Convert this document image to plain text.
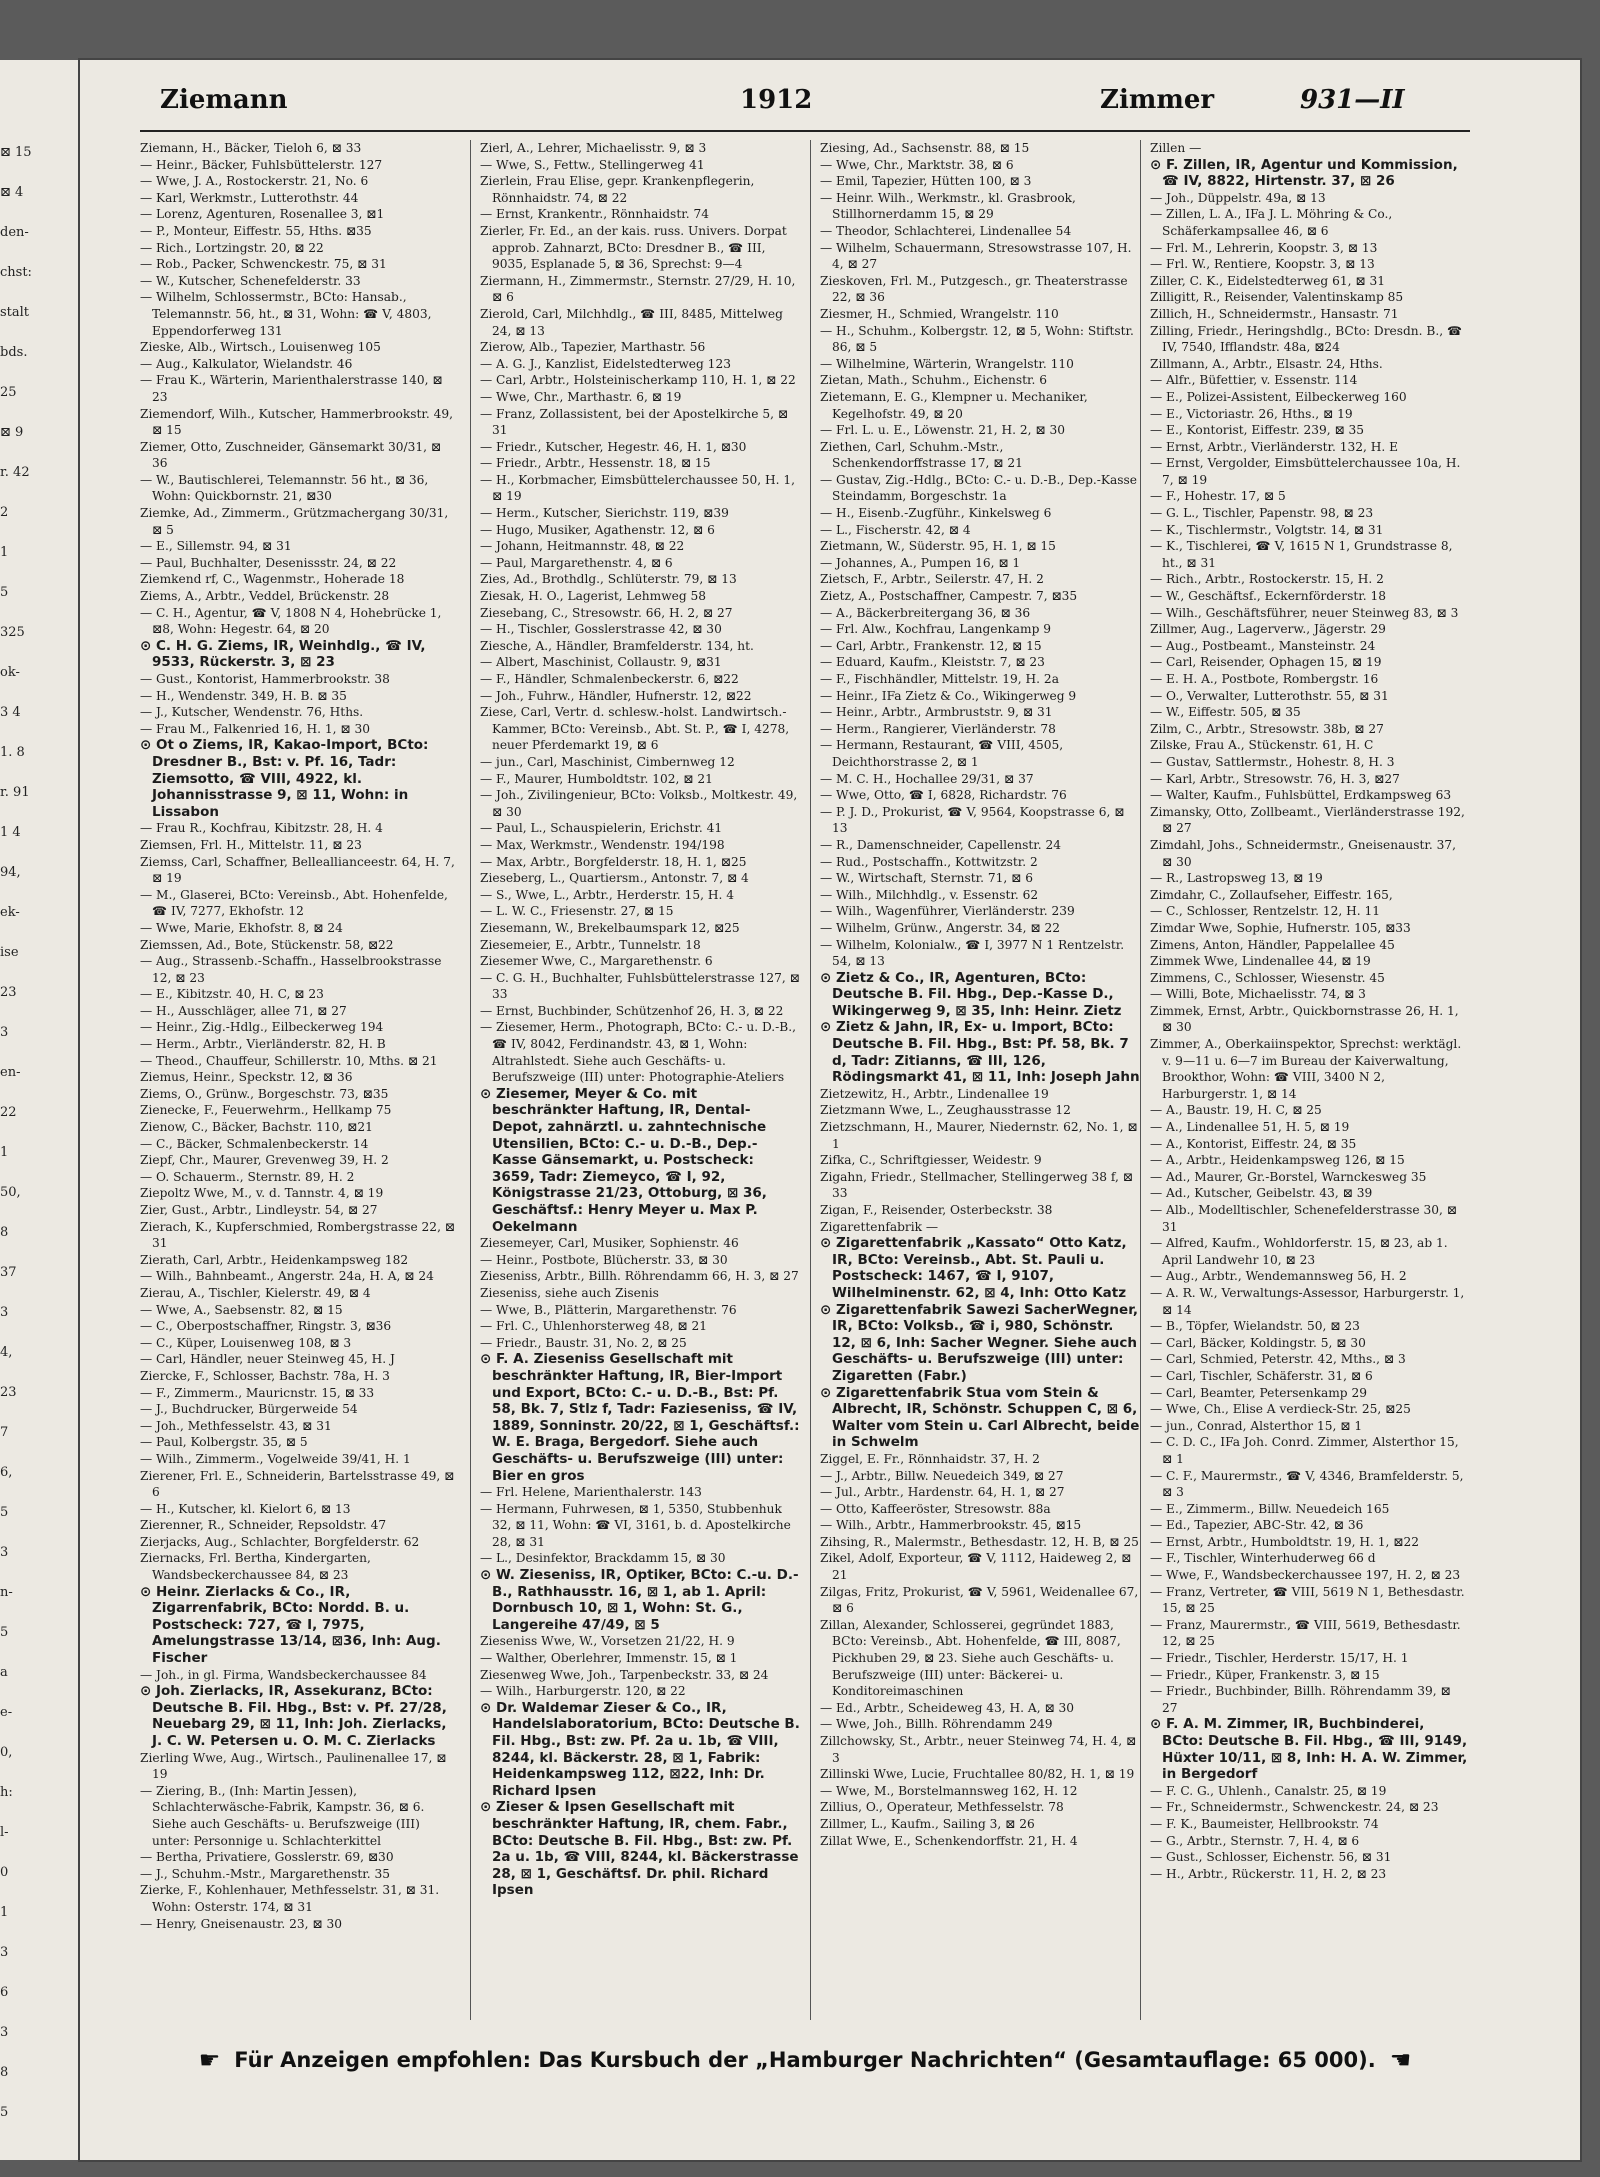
⊠ 15
⊠ 4
den-
chst:
stalt
bds.
25
⊠ 9
r. 42
2
1
5
325
ok-
3 4
1. 8
r. 91
1 4
94,
ek-
ise
23
3
en-
22
1
50,
8
37
3
4,
23
7
6,
5
3
n-
5
a
e-
0,
h:
l-
0
1
3
6
3
8
5
Ziemann	1912	Zimmer	931—II

Ziemann, H., Bäcker, Tieloh 6, ⊠ 33

— Heinr., Bäcker, Fuhlsbüttelerstr. 127

— Wwe, J. A., Rostockerstr. 21, No. 6

— Karl, Werkmstr., Lutterothstr. 44

— Lorenz, Agenturen, Rosenallee 3, ⊠1

— P., Monteur, Eiffestr. 55, Hths. ⊠35

— Rich., Lortzingstr. 20, ⊠ 22

— Rob., Packer, Schwenckestr. 75, ⊠ 31

— W., Kutscher, Schenefelderstr. 33

— Wilhelm, Schlossermstr., BCto: Hansab., Telemannstr. 56, ht., ⊠ 31, Wohn: ☎ V, 4803, Eppendorferweg 131

Zieske, Alb., Wirtsch., Louisenweg 105

— Aug., Kalkulator, Wielandstr. 46

— Frau K., Wärterin, Marienthalerstrasse 140, ⊠ 23

Ziemendorf, Wilh., Kutscher, Hammerbrookstr. 49, ⊠ 15

Ziemer, Otto, Zuschneider, Gänsemarkt 30/31, ⊠ 36

— W., Bautischlerei, Telemannstr. 56 ht., ⊠ 36, Wohn: Quickbornstr. 21, ⊠30

Ziemke, Ad., Zimmerm., Grützmachergang 30/31, ⊠ 5

— E., Sillemstr. 94, ⊠ 31

— Paul, Buchhalter, Desenissstr. 24, ⊠ 22

Ziemkend rf, C., Wagenmstr., Hoherade 18

Ziems, A., Arbtr., Veddel, Brückenstr. 28

— C. H., Agentur, ☎ V, 1808 N 4, Hohebrücke 1, ⊠8, Wohn: Hegestr. 64, ⊠ 20

⊙ C. H. G. Ziems, IR, Weinhdlg., ☎ IV, 9533, Rückerstr. 3, ⊠ 23

— Gust., Kontorist, Hammerbrookstr. 38

— H., Wendenstr. 349, H. B. ⊠ 35

— J., Kutscher, Wendenstr. 76, Hths.

— Frau M., Falkenried 16, H. 1, ⊠ 30

⊙ Ot o Ziems, IR, Kakao-Import, BCto: Dresdner B., Bst: v. Pf. 16, Tadr: Ziemsotto, ☎ VIII, 4922, kl. Johannisstrasse 9, ⊠ 11, Wohn: in Lissabon

— Frau R., Kochfrau, Kibitzstr. 28, H. 4

Ziemsen, Frl. H., Mittelstr. 11, ⊠ 23

Ziemss, Carl, Schaffner, Belleallianceestr. 64, H. 7, ⊠ 19

— M., Glaserei, BCto: Vereinsb., Abt. Hohenfelde, ☎ IV, 7277, Ekhofstr. 12

— Wwe, Marie, Ekhofstr. 8, ⊠ 24

Ziemssen, Ad., Bote, Stückenstr. 58, ⊠22

— Aug., Strassenb.-Schaffn., Hasselbrookstrasse 12, ⊠ 23

— E., Kibitzstr. 40, H. C, ⊠ 23

— H., Ausschläger, allee 71, ⊠ 27

— Heinr., Zig.-Hdlg., Eilbeckerweg 194

— Herm., Arbtr., Vierländerstr. 82, H. B

— Theod., Chauffeur, Schillerstr. 10, Mths. ⊠ 21

Ziemus, Heinr., Speckstr. 12, ⊠ 36

Ziems, O., Grünw., Borgeschstr. 73, ⊠35

Zienecke, F., Feuerwehrm., Hellkamp 75

Zienow, C., Bäcker, Bachstr. 110, ⊠21

— C., Bäcker, Schmalenbeckerstr. 14

Ziepf, Chr., Maurer, Grevenweg 39, H. 2

— O. Schauerm., Sternstr. 89, H. 2

Ziepoltz Wwe, M., v. d. Tannstr. 4, ⊠ 19

Zier, Gust., Arbtr., Lindleystr. 54, ⊠ 27

Zierach, K., Kupferschmied, Rombergstrasse 22, ⊠ 31

Zierath, Carl, Arbtr., Heidenkampsweg 182

— Wilh., Bahnbeamt., Angerstr. 24a, H. A, ⊠ 24

Zierau, A., Tischler, Kielerstr. 49, ⊠ 4

— Wwe, A., Saebsenstr. 82, ⊠ 15

— C., Oberpostschaffner, Ringstr. 3, ⊠36

— C., Küper, Louisenweg 108, ⊠ 3

— Carl, Händler, neuer Steinweg 45, H. J

Ziercke, F., Schlosser, Bachstr. 78a, H. 3

— F., Zimmerm., Mauricnstr. 15, ⊠ 33

— J., Buchdrucker, Bürgerweide 54

— Joh., Methfesselstr. 43, ⊠ 31

— Paul, Kolbergstr. 35, ⊠ 5

— Wilh., Zimmerm., Vogelweide 39/41, H. 1

Zierener, Frl. E., Schneiderin, Bartelsstrasse 49, ⊠ 6

— H., Kutscher, kl. Kielort 6, ⊠ 13

Zierenner, R., Schneider, Repsoldstr. 47

Zierjacks, Aug., Schlachter, Borgfelderstr. 62

Ziernacks, Frl. Bertha, Kindergarten, Wandsbeckerchaussee 84, ⊠ 23

⊙ Heinr. Zierlacks & Co., IR, Zigarrenfabrik, BCto: Nordd. B. u. Postscheck: 727, ☎ I, 7975, Amelungstrasse 13/14, ⊠36, Inh: Aug. Fischer

— Joh., in gl. Firma, Wandsbeckerchaussee 84

⊙ Joh. Zierlacks, IR, Assekuranz, BCto: Deutsche B. Fil. Hbg., Bst: v. Pf. 27/28, Neuebarg 29, ⊠ 11, Inh: Joh. Zierlacks, J. C. W. Petersen u. O. M. C. Zierlacks

Zierling Wwe, Aug., Wirtsch., Paulinenallee 17, ⊠ 19

— Ziering, B., (Inh: Martin Jessen), Schlachterwäsche-Fabrik, Kampstr. 36, ⊠ 6. Siehe auch Geschäfts- u. Berufszweige (III) unter: Personnige u. Schlachterkittel

— Bertha, Privatiere, Gosslerstr. 69, ⊠30

— J., Schuhm.-Mstr., Margarethenstr. 35

Zierke, F., Kohlenhauer, Methfesselstr. 31, ⊠ 31. Wohn: Osterstr. 174, ⊠ 31

— Henry, Gneisenaustr. 23, ⊠ 30

Zierl, A., Lehrer, Michaelisstr. 9, ⊠ 3

— Wwe, S., Fettw., Stellingerweg 41

Zierlein, Frau Elise, gepr. Krankenpflegerin, Rönnhaidstr. 74, ⊠ 22

— Ernst, Krankentr., Rönnhaidstr. 74

Zierler, Fr. Ed., an der kais. russ. Univers. Dorpat approb. Zahnarzt, BCto: Dresdner B., ☎ III, 9035, Esplanade 5, ⊠ 36, Sprechst: 9—4

Ziermann, H., Zimmermstr., Sternstr. 27/29, H. 10, ⊠ 6

Zierold, Carl, Milchhdlg., ☎ III, 8485, Mittelweg 24, ⊠ 13

Zierow, Alb., Tapezier, Marthastr. 56

— A. G. J., Kanzlist, Eidelstedterweg 123

— Carl, Arbtr., Holsteinischerkamp 110, H. 1, ⊠ 22

— Wwe, Chr., Marthastr. 6, ⊠ 19

— Franz, Zollassistent, bei der Apostelkirche 5, ⊠ 31

— Friedr., Kutscher, Hegestr. 46, H. 1, ⊠30

— Friedr., Arbtr., Hessenstr. 18, ⊠ 15

— H., Korbmacher, Eimsbüttelerchaussee 50, H. 1, ⊠ 19

— Herm., Kutscher, Sierichstr. 119, ⊠39

— Hugo, Musiker, Agathenstr. 12, ⊠ 6

— Johann, Heitmannstr. 48, ⊠ 22

— Paul, Margarethenstr. 4, ⊠ 6

Zies, Ad., Brothdlg., Schlüterstr. 79, ⊠ 13

Ziesak, H. O., Lagerist, Lehmweg 58

Ziesebang, C., Stresowstr. 66, H. 2, ⊠ 27

— H., Tischler, Gosslerstrasse 42, ⊠ 30

Ziesche, A., Händler, Bramfelderstr. 134, ht.

— Albert, Maschinist, Collaustr. 9, ⊠31

— F., Händler, Schmalenbeckerstr. 6, ⊠22

— Joh., Fuhrw., Händler, Hufnerstr. 12, ⊠22

Ziese, Carl, Vertr. d. schlesw.-holst. Landwirtsch.-Kammer, BCto: Vereinsb., Abt. St. P., ☎ I, 4278, neuer Pferdemarkt 19, ⊠ 6

— jun., Carl, Maschinist, Cimbernweg 12

— F., Maurer, Humboldtstr. 102, ⊠ 21

— Joh., Zivilingenieur, BCto: Volksb., Moltkestr. 49, ⊠ 30

— Paul, L., Schauspielerin, Erichstr. 41

— Max, Werkmstr., Wendenstr. 194/198

— Max, Arbtr., Borgfelderstr. 18, H. 1, ⊠25

Zieseberg, L., Quartiersm., Antonstr. 7, ⊠ 4

— S., Wwe, L., Arbtr., Herderstr. 15, H. 4

— L. W. C., Friesenstr. 27, ⊠ 15

Ziesemann, W., Brekelbaumspark 12, ⊠25

Ziesemeier, E., Arbtr., Tunnelstr. 18

Ziesemer Wwe, C., Margarethenstr. 6

— C. G. H., Buchhalter, Fuhlsbüttelerstrasse 127, ⊠ 33

— Ernst, Buchbinder, Schützenhof 26, H. 3, ⊠ 22

— Ziesemer, Herm., Photograph, BCto: C.- u. D.-B., ☎ IV, 8042, Ferdinandstr. 43, ⊠ 1, Wohn: Altrahlstedt. Siehe auch Geschäfts- u. Berufszweige (III) unter: Photographie-Ateliers

⊙ Ziesemer, Meyer & Co. mit beschränkter Haftung, IR, Dental-Depot, zahnärztl. u. zahntechnische Utensilien, BCto: C.- u. D.-B., Dep.-Kasse Gänsemarkt, u. Postscheck: 3659, Tadr: Ziemeyco, ☎ I, 92, Königstrasse 21/23, Ottoburg, ⊠ 36, Geschäftsf.: Henry Meyer u. Max P. Oekelmann

Ziesemeyer, Carl, Musiker, Sophienstr. 46

— Heinr., Postbote, Blücherstr. 33, ⊠ 30

Zieseniss, Arbtr., Billh. Röhrendamm 66, H. 3, ⊠ 27

Zieseniss, siehe auch Zisenis

— Wwe, B., Plätterin, Margarethenstr. 76

— Frl. C., Uhlenhorsterweg 48, ⊠ 21

— Friedr., Baustr. 31, No. 2, ⊠ 25

⊙ F. A. Zieseniss Gesellschaft mit beschränkter Haftung, IR, Bier-Import und Export, BCto: C.- u. D.-B., Bst: Pf. 58, Bk. 7, Stlz f, Tadr: Fazieseniss, ☎ IV, 1889, Sonninstr. 20/22, ⊠ 1, Geschäftsf.: W. E. Braga, Bergedorf. Siehe auch Geschäfts- u. Berufszweige (III) unter: Bier en gros

— Frl. Helene, Marienthalerstr. 143

— Hermann, Fuhrwesen, ⊠ 1, 5350, Stubbenhuk 32, ⊠ 11, Wohn: ☎ VI, 3161, b. d. Apostelkirche 28, ⊠ 31

— L., Desinfektor, Brackdamm 15, ⊠ 30

⊙ W. Zieseniss, IR, Optiker, BCto: C.-u. D.-B., Rathhausstr. 16, ⊠ 1, ab 1. April: Dornbusch 10, ⊠ 1, Wohn: St. G., Langereihe 47/49, ⊠ 5

Zieseniss Wwe, W., Vorsetzen 21/22, H. 9

— Walther, Oberlehrer, Immenstr. 15, ⊠ 1

Ziesenweg Wwe, Joh., Tarpenbeckstr. 33, ⊠ 24

— Wilh., Harburgerstr. 120, ⊠ 22

⊙ Dr. Waldemar Zieser & Co., IR, Handelslaboratorium, BCto: Deutsche B. Fil. Hbg., Bst: zw. Pf. 2a u. 1b, ☎ VIII, 8244, kl. Bäckerstr. 28, ⊠ 1, Fabrik: Heidenkampsweg 112, ⊠22, Inh: Dr. Richard Ipsen

⊙ Zieser & Ipsen Gesellschaft mit beschränkter Haftung, IR, chem. Fabr., BCto: Deutsche B. Fil. Hbg., Bst: zw. Pf. 2a u. 1b, ☎ VIII, 8244, kl. Bäckerstrasse 28, ⊠ 1, Geschäftsf. Dr. phil. Richard Ipsen

Ziesing, Ad., Sachsenstr. 88, ⊠ 15

— Wwe, Chr., Marktstr. 38, ⊠ 6

— Emil, Tapezier, Hütten 100, ⊠ 3

— Heinr. Wilh., Werkmstr., kl. Grasbrook, Stillhornerdamm 15, ⊠ 29

— Theodor, Schlachterei, Lindenallee 54

— Wilhelm, Schauermann, Stresowstrasse 107, H. 4, ⊠ 27

Zieskoven, Frl. M., Putzgesch., gr. Theaterstrasse 22, ⊠ 36

Ziesmer, H., Schmied, Wrangelstr. 110

— H., Schuhm., Kolbergstr. 12, ⊠ 5, Wohn: Stiftstr. 86, ⊠ 5

— Wilhelmine, Wärterin, Wrangelstr. 110

Zietan, Math., Schuhm., Eichenstr. 6

Zietemann, E. G., Klempner u. Mechaniker, Kegelhofstr. 49, ⊠ 20

— Frl. L. u. E., Löwenstr. 21, H. 2, ⊠ 30

Ziethen, Carl, Schuhm.-Mstr., Schenkendorffstrasse 17, ⊠ 21

— Gustav, Zig.-Hdlg., BCto: C.- u. D.-B., Dep.-Kasse Steindamm, Borgeschstr. 1a

— H., Eisenb.-Zugführ., Kinkelsweg 6

— L., Fischerstr. 42, ⊠ 4

Zietmann, W., Süderstr. 95, H. 1, ⊠ 15

— Johannes, A., Pumpen 16, ⊠ 1

Zietsch, F., Arbtr., Seilerstr. 47, H. 2

Zietz, A., Postschaffner, Campestr. 7, ⊠35

— A., Bäckerbreitergang 36, ⊠ 36

— Frl. Alw., Kochfrau, Langenkamp 9

— Carl, Arbtr., Frankenstr. 12, ⊠ 15

— Eduard, Kaufm., Kleiststr. 7, ⊠ 23

— F., Fischhändler, Mittelstr. 19, H. 2a

— Heinr., IFa Zietz & Co., Wikingerweg 9

— Heinr., Arbtr., Armbruststr. 9, ⊠ 31

— Herm., Rangierer, Vierländerstr. 78

— Hermann, Restaurant, ☎ VIII, 4505, Deichthorstrasse 2, ⊠ 1

— M. C. H., Hochallee 29/31, ⊠ 37

— Wwe, Otto, ☎ I, 6828, Richardstr. 76

— P. J. D., Prokurist, ☎ V, 9564, Koopstrasse 6, ⊠ 13

— R., Damenschneider, Capellenstr. 24

— Rud., Postschaffn., Kottwitzstr. 2

— W., Wirtschaft, Sternstr. 71, ⊠ 6

— Wilh., Milchhdlg., v. Essenstr. 62

— Wilh., Wagenführer, Vierländerstr. 239

— Wilhelm, Grünw., Angerstr. 34, ⊠ 22

— Wilhelm, Kolonialw., ☎ I, 3977 N 1 Rentzelstr. 54, ⊠ 13

⊙ Zietz & Co., IR, Agenturen, BCto: Deutsche B. Fil. Hbg., Dep.-Kasse D., Wikingerweg 9, ⊠ 35, Inh: Heinr. Zietz

⊙ Zietz & Jahn, IR, Ex- u. Import, BCto: Deutsche B. Fil. Hbg., Bst: Pf. 58, Bk. 7 d, Tadr: Zitianns, ☎ III, 126, Rödingsmarkt 41, ⊠ 11, Inh: Joseph Jahn

Zietzewitz, H., Arbtr., Lindenallee 19

Zietzmann Wwe, L., Zeughausstrasse 12

Zietzschmann, H., Maurer, Niedernstr. 62, No. 1, ⊠ 1

Zifka, C., Schriftgiesser, Weidestr. 9

Zigahn, Friedr., Stellmacher, Stellingerweg 38 f, ⊠ 33

Zigan, F., Reisender, Osterbeckstr. 38

Zigarettenfabrik —

⊙ Zigarettenfabrik „Kassato“ Otto Katz, IR, BCto: Vereinsb., Abt. St. Pauli u. Postscheck: 1467, ☎ I, 9107, Wilhelminenstr. 62, ⊠ 4, Inh: Otto Katz

⊙ Zigarettenfabrik Sawezi SacherWegner, IR, BCto: Volksb., ☎ i, 980, Schönstr. 12, ⊠ 6, Inh: Sacher Wegner. Siehe auch Geschäfts- u. Berufszweige (III) unter: Zigaretten (Fabr.)

⊙ Zigarettenfabrik Stua vom Stein & Albrecht, IR, Schönstr. Schuppen C, ⊠ 6, Walter vom Stein u. Carl Albrecht, beide in Schwelm

Ziggel, E. Fr., Rönnhaidstr. 37, H. 2

— J., Arbtr., Billw. Neuedeich 349, ⊠ 27

— Jul., Arbtr., Hardenstr. 64, H. 1, ⊠ 27

— Otto, Kaffeeröster, Stresowstr. 88a

— Wilh., Arbtr., Hammerbrookstr. 45, ⊠15

Zihsing, R., Malermstr., Bethesdastr. 12, H. B, ⊠ 25

Zikel, Adolf, Exporteur, ☎ V, 1112, Haideweg 2, ⊠ 21

Zilgas, Fritz, Prokurist, ☎ V, 5961, Weidenallee 67, ⊠ 6

Zillan, Alexander, Schlosserei, gegründet 1883, BCto: Vereinsb., Abt. Hohenfelde, ☎ III, 8087, Pickhuben 29, ⊠ 23. Siehe auch Geschäfts- u. Berufszweige (III) unter: Bäckerei- u. Konditoreimaschinen

— Ed., Arbtr., Scheideweg 43, H. A, ⊠ 30

— Wwe, Joh., Billh. Röhrendamm 249

Zillchowsky, St., Arbtr., neuer Steinweg 74, H. 4, ⊠ 3

Zillinski Wwe, Lucie, Fruchtallee 80/82, H. 1, ⊠ 19

— Wwe, M., Borstelmannsweg 162, H. 12

Zillius, O., Operateur, Methfesselstr. 78

Zillmer, L., Kaufm., Sailing 3, ⊠ 26

Zillat Wwe, E., Schenkendorffstr. 21, H. 4

Zillen —

⊙ F. Zillen, IR, Agentur und Kommission, ☎ IV, 8822, Hirtenstr. 37, ⊠ 26

— Joh., Düppelstr. 49a, ⊠ 13

— Zillen, L. A., IFa J. L. Möhring & Co., Schäferkampsallee 46, ⊠ 6

— Frl. M., Lehrerin, Koopstr. 3, ⊠ 13

— Frl. W., Rentiere, Koopstr. 3, ⊠ 13

Ziller, C. K., Eidelstedterweg 61, ⊠ 31

Zilligitt, R., Reisender, Valentinskamp 85

Zillich, H., Schneidermstr., Hansastr. 71

Zilling, Friedr., Heringshdlg., BCto: Dresdn. B., ☎ IV, 7540, Ifflandstr. 48a, ⊠24

Zillmann, A., Arbtr., Elsastr. 24, Hths.

— Alfr., Büfettier, v. Essenstr. 114

— E., Polizei-Assistent, Eilbeckerweg 160

— E., Victoriastr. 26, Hths., ⊠ 19

— E., Kontorist, Eiffestr. 239, ⊠ 35

— Ernst, Arbtr., Vierländerstr. 132, H. E

— Ernst, Vergolder, Eimsbüttelerchaussee 10a, H. 7, ⊠ 19

— F., Hohestr. 17, ⊠ 5

— G. L., Tischler, Papenstr. 98, ⊠ 23

— K., Tischlermstr., Volgtstr. 14, ⊠ 31

— K., Tischlerei, ☎ V, 1615 N 1, Grundstrasse 8, ht., ⊠ 31

— Rich., Arbtr., Rostockerstr. 15, H. 2

— W., Geschäftsf., Eckernförderstr. 18

— Wilh., Geschäftsführer, neuer Steinweg 83, ⊠ 3

Zillmer, Aug., Lagerverw., Jägerstr. 29

— Aug., Postbeamt., Mansteinstr. 24

— Carl, Reisender, Ophagen 15, ⊠ 19

— E. H. A., Postbote, Rombergstr. 16

— O., Verwalter, Lutterothstr. 55, ⊠ 31

— W., Eiffestr. 505, ⊠ 35

Zilm, C., Arbtr., Stresowstr. 38b, ⊠ 27

Zilske, Frau A., Stückenstr. 61, H. C

— Gustav, Sattlermstr., Hohestr. 8, H. 3

— Karl, Arbtr., Stresowstr. 76, H. 3, ⊠27

— Walter, Kaufm., Fuhlsbüttel, Erdkampsweg 63

Zimansky, Otto, Zollbeamt., Vierländerstrasse 192, ⊠ 27

Zimdahl, Johs., Schneidermstr., Gneisenaustr. 37, ⊠ 30

— R., Lastropsweg 13, ⊠ 19

Zimdahr, C., Zollaufseher, Eiffestr. 165,

— C., Schlosser, Rentzelstr. 12, H. 11

Zimdar Wwe, Sophie, Hufnerstr. 105, ⊠33

Zimens, Anton, Händler, Pappelallee 45

Zimmek Wwe, Lindenallee 44, ⊠ 19

Zimmens, C., Schlosser, Wiesenstr. 45

— Willi, Bote, Michaelisstr. 74, ⊠ 3

Zimmek, Ernst, Arbtr., Quickbornstrasse 26, H. 1, ⊠ 30

Zimmer, A., Oberkaiinspektor, Sprechst: werktägl. v. 9—11 u. 6—7 im Bureau der Kaiverwaltung, Brookthor, Wohn: ☎ VIII, 3400 N 2, Harburgerstr. 1, ⊠ 14

— A., Baustr. 19, H. C, ⊠ 25

— A., Lindenallee 51, H. 5, ⊠ 19

— A., Kontorist, Eiffestr. 24, ⊠ 35

— A., Arbtr., Heidenkampsweg 126, ⊠ 15

— Ad., Maurer, Gr.-Borstel, Warnckesweg 35

— Ad., Kutscher, Geibelstr. 43, ⊠ 39

— Alb., Modelltischler, Schenefelderstrasse 30, ⊠ 31

— Alfred, Kaufm., Wohldorferstr. 15, ⊠ 23, ab 1. April Landwehr 10, ⊠ 23

— Aug., Arbtr., Wendemannsweg 56, H. 2

— A. R. W., Verwaltungs-Assessor, Harburgerstr. 1, ⊠ 14

— B., Töpfer, Wielandstr. 50, ⊠ 23

— Carl, Bäcker, Koldingstr. 5, ⊠ 30

— Carl, Schmied, Peterstr. 42, Mths., ⊠ 3

— Carl, Tischler, Schäferstr. 31, ⊠ 6

— Carl, Beamter, Petersenkamp 29

— Wwe, Ch., Elise A verdieck-Str. 25, ⊠25

— jun., Conrad, Alsterthor 15, ⊠ 1

— C. D. C., IFa Joh. Conrd. Zimmer, Alsterthor 15, ⊠ 1

— C. F., Maurermstr., ☎ V, 4346, Bramfelderstr. 5, ⊠ 3

— E., Zimmerm., Billw. Neuedeich 165

— Ed., Tapezier, ABC-Str. 42, ⊠ 36

— Ernst, Arbtr., Humboldtstr. 19, H. 1, ⊠22

— F., Tischler, Winterhuderweg 66 d

— Wwe, F., Wandsbeckerchaussee 197, H. 2, ⊠ 23

— Franz, Vertreter, ☎ VIII, 5619 N 1, Bethesdastr. 15, ⊠ 25

— Franz, Maurermstr., ☎ VIII, 5619, Bethesdastr. 12, ⊠ 25

— Friedr., Tischler, Herderstr. 15/17, H. 1

— Friedr., Küper, Frankenstr. 3, ⊠ 15

— Friedr., Buchbinder, Billh. Röhrendamm 39, ⊠ 27

⊙ F. A. M. Zimmer, IR, Buchbinderei, BCto: Deutsche B. Fil. Hbg., ☎ III, 9149, Hüxter 10/11, ⊠ 8, Inh: H. A. W. Zimmer, in Bergedorf

— F. C. G., Uhlenh., Canalstr. 25, ⊠ 19

— Fr., Schneidermstr., Schwenckestr. 24, ⊠ 23

— F. K., Baumeister, Hellbrookstr. 74

— G., Arbtr., Sternstr. 7, H. 4, ⊠ 6

— Gust., Schlosser, Eichenstr. 56, ⊠ 31

— H., Arbtr., Rückerstr. 11, H. 2, ⊠ 23

☛ Für Anzeigen empfohlen: Das Kursbuch der „Hamburger Nachrichten“ (Gesamtauflage: 65 000). ☚
